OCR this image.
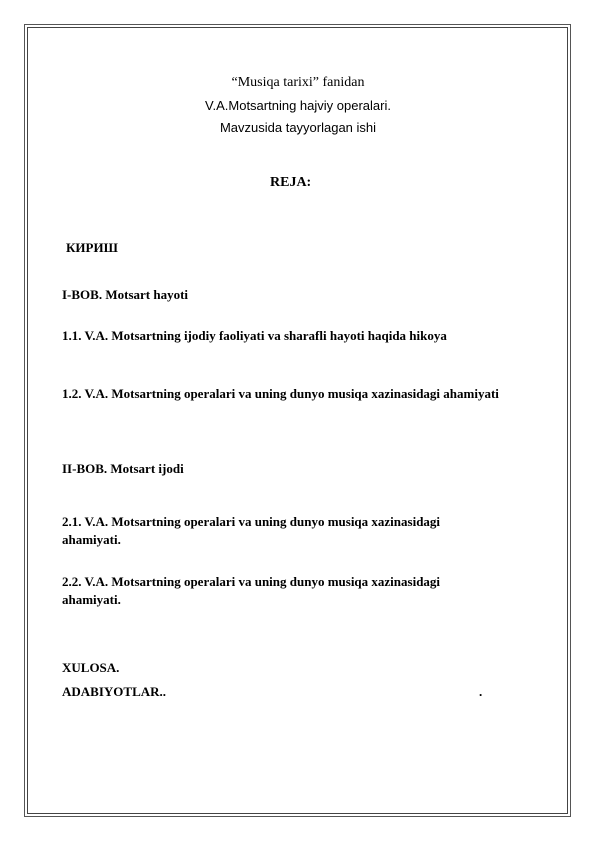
“Musiqa tarixi” fanidan
V.A.Motsartning hajviy operalari.
Mavzusida tayyorlagan ishi
REJA:
КИРИШ
I-BOB. Motsart hayoti
1.1. V.A. Motsartning ijodiy faoliyati va sharafli hayoti haqida hikoya
1.2. V.A. Motsartning operalari va uning dunyo musiqa xazinasidagi ahamiyati
II-BOB. Motsart ijodi
2.1. V.A. Motsartning operalari va uning dunyo musiqa xazinasidagi ahamiyati.
2.2. V.A. Motsartning operalari va uning dunyo musiqa xazinasidagi ahamiyati.
XULOSA.
ADABIYOTLAR..	.
